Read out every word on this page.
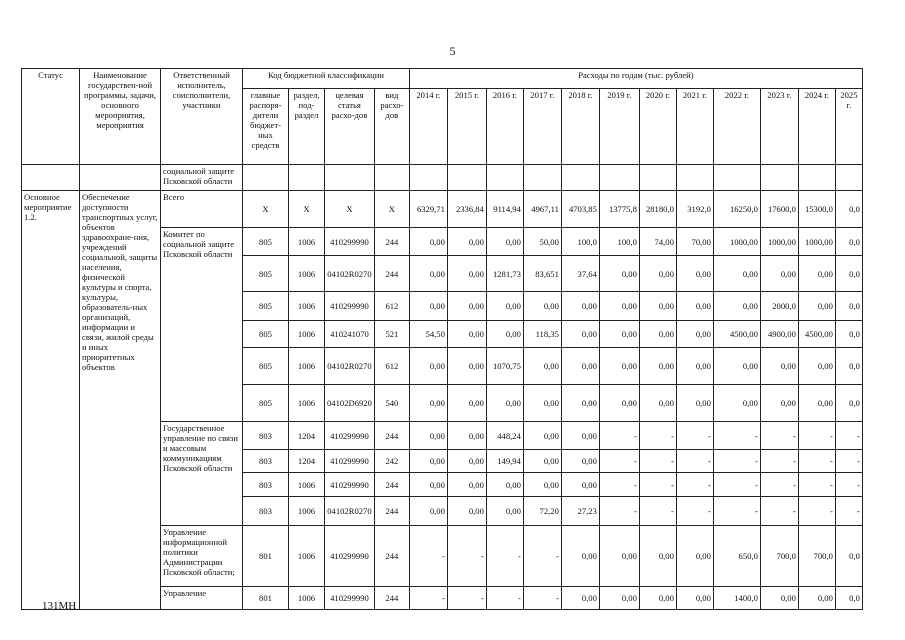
5
Статус	Наименование государствен-ной программы, задачи, основного мероприятия, мероприятия	Ответственный исполнитель, соисполнители, участники	Код бюджетной классификации				Расходы по годам (тыс. рублей)											
			главные распоря-дители бюджет-ных средств	раздел, под-раздел	целевая статья расхо-дов	вид расхо-дов	2014 г.	2015 г.	2016 г.	2017 г.	2018 г.	2019 г.	2020 г.	2021 г.	2022 г.	2023 г.	2024 г.	2025 г.
		социальной защите Псковской области																
Основное мероприятие 1.2.	Обеспечение доступности транспортных услуг, объектов здравоохране-ния, учреждений социальной, защиты населения, физической культуры и спорта, культуры, образователь-ных организаций, информации и связи, жилой среды и иных приоритетных объектов	Всего	X	X	X	X	6329,71	2336,84	9114,94	4967,11	4703,85	13775,8	28180,0	3192,0	16250,0	17600,0	15300,0	0,0
		Комитет по социальной защите Псковской области	805	1006	410299990	244	0,00	0,00	0,00	50,00	100,0	100,0	74,00	70,00	1000,00	1000,00	1000,00	0,0
			805	1006	04102R0270	244	0,00	0,00	1281,73	83,651	37,64	0,00	0,00	0,00	0,00	0,00	0,00	0,0
			805	1006	410299990	612	0,00	0,00	0,00	0,00	0,00	0,00	0,00	0,00	0,00	2000,0	0,00	0,0
			805	1006	410241070	521	54,50	0,00	0,00	118,35	0,00	0,00	0,00	0,00	4500,00	4900,00	4500,00	0,0
			805	1006	04102R0270	612	0,00	0,00	1070,75	0,00	0,00	0,00	0,00	0,00	0,00	0,00	0,00	0,0
			805	1006	04102D6920	540	0,00	0,00	0,00	0,00	0,00	0,00	0,00	0,00	0,00	0,00	0,00	0,0
		Государственное управление по связи и массовым коммуникациям Псковской области	803	1204	410299990	244	0,00	0,00	448,24	0,00	0,00	-	-	-	-	-	-	-
			803	1204	410299990	242	0,00	0,00	149,94	0,00	0,00	-	-	-	-	-	-	-
			803	1006	410299990	244	0,00	0,00	0,00	0,00	0,00	-	-	-	-	-	-	-
			803	1006	04102R0270	244	0,00	0,00	0,00	72,20	27,23	-	-	-	-	-	-	-
		Управление информационной политики Администрации Псковской области;	801	1006	410299990	244	-	-	-	-	0,00	0,00	0,00	0,00	650,0	700,0	700,0	0,0
		Управление	801	1006	410299990	244	-	-	-	-	0,00	0,00	0,00	0,00	1400,0	0,00	0,00	0,0
131МН
